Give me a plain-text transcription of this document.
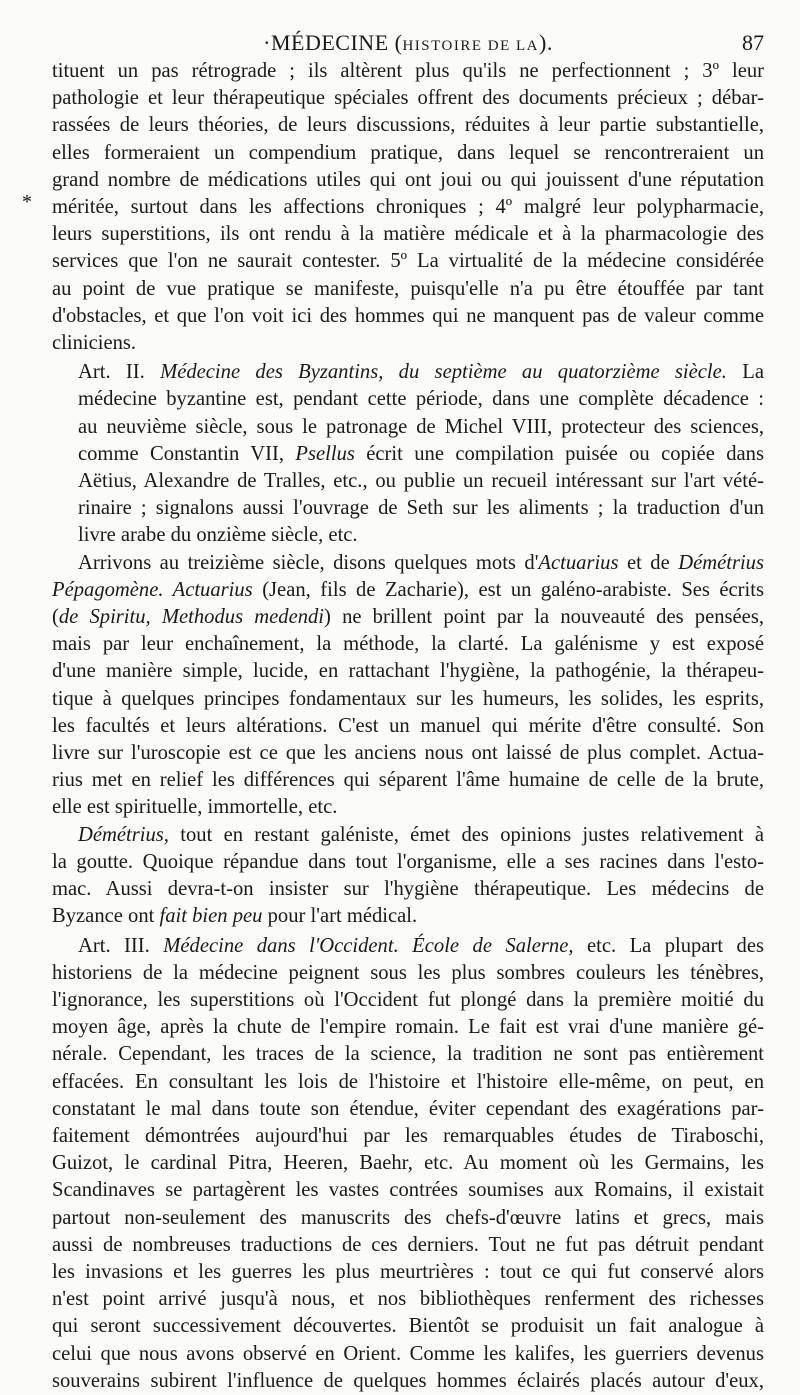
·MÉDECINE (HISTOIRE DE LA).	87
*

tituent un pas rétrograde ; ils altèrent plus qu'ils ne perfectionnent ; 3º leur
pathologie et leur thérapeutique spéciales offrent des documents précieux ; débar-
rassées de leurs théories, de leurs discussions, réduites à leur partie substantielle,
elles formeraient un compendium pratique, dans lequel se rencontreraient un
grand nombre de médications utiles qui ont joui ou qui jouissent d'une réputation
méritée, surtout dans les affections chroniques ; 4º malgré leur polypharmacie,
leurs superstitions, ils ont rendu à la matière médicale et à la pharmacologie des
services que l'on ne saurait contester. 5º La virtualité de la médecine considérée
au point de vue pratique se manifeste, puisqu'elle n'a pu être étouffée par tant
d'obstacles, et que l'on voit ici des hommes qui ne manquent pas de valeur comme
cliniciens.

Art. II. Médecine des Byzantins, du septième au quatorzième siècle. La
médecine byzantine est, pendant cette période, dans une complète décadence :
au neuvième siècle, sous le patronage de Michel VIII, protecteur des sciences,
comme Constantin VII, Psellus écrit une compilation puisée ou copiée dans
Aëtius, Alexandre de Tralles, etc., ou publie un recueil intéressant sur l'art vété-
rinaire ; signalons aussi l'ouvrage de Seth sur les aliments ; la traduction d'un
livre arabe du onzième siècle, etc.

Arrivons au treizième siècle, disons quelques mots d'Actuarius et de Démétrius
Pépagomène. Actuarius (Jean, fils de Zacharie), est un galéno-arabiste. Ses écrits
(de Spiritu, Methodus medendi) ne brillent point par la nouveauté des pensées,
mais par leur enchaînement, la méthode, la clarté. La galénisme y est exposé
d'une manière simple, lucide, en rattachant l'hygiène, la pathogénie, la thérapeu-
tique à quelques principes fondamentaux sur les humeurs, les solides, les esprits,
les facultés et leurs altérations. C'est un manuel qui mérite d'être consulté. Son
livre sur l'uroscopie est ce que les anciens nous ont laissé de plus complet. Actua-
rius met en relief les différences qui séparent l'âme humaine de celle de la brute,
elle est spirituelle, immortelle, etc.

Démétrius, tout en restant galéniste, émet des opinions justes relativement à
la goutte. Quoique répandue dans tout l'organisme, elle a ses racines dans l'esto-
mac. Aussi devra-t-on insister sur l'hygiène thérapeutique. Les médecins de
Byzance ont fait bien peu pour l'art médical.

Art. III. Médecine dans l'Occident. École de Salerne, etc. La plupart des
historiens de la médecine peignent sous les plus sombres couleurs les ténèbres,
l'ignorance, les superstitions où l'Occident fut plongé dans la première moitié du
moyen âge, après la chute de l'empire romain. Le fait est vrai d'une manière gé-
nérale. Cependant, les traces de la science, la tradition ne sont pas entièrement
effacées. En consultant les lois de l'histoire et l'histoire elle-même, on peut, en
constatant le mal dans toute son étendue, éviter cependant des exagérations par-
faitement démontrées aujourd'hui par les remarquables études de Tiraboschi,
Guizot, le cardinal Pitra, Heeren, Baehr, etc. Au moment où les Germains, les
Scandinaves se partagèrent les vastes contrées soumises aux Romains, il existait
partout non-seulement des manuscrits des chefs-d'œuvre latins et grecs, mais
aussi de nombreuses traductions de ces derniers. Tout ne fut pas détruit pendant
les invasions et les guerres les plus meurtrières : tout ce qui fut conservé alors
n'est point arrivé jusqu'à nous, et nos bibliothèques renferment des richesses
qui seront successivement découvertes. Bientôt se produisit un fait analogue à
celui que nous avons observé en Orient. Comme les kalifes, les guerriers devenus
souverains subirent l'influence de quelques hommes éclairés placés autour d'eux,
